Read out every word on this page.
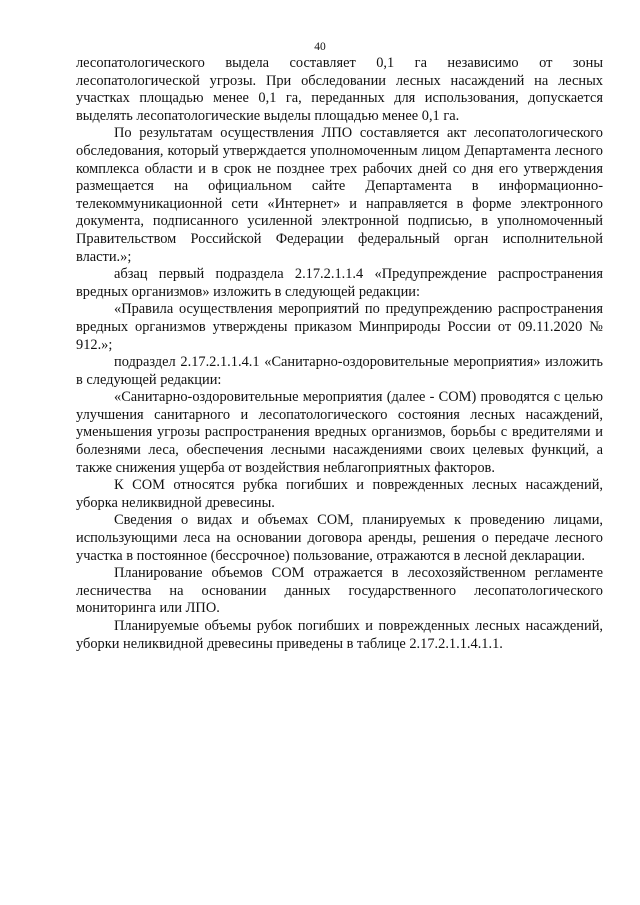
40

лесопатологического выдела составляет 0,1 га независимо от зоны лесопатологической угрозы. При обследовании лесных насаждений на лесных участках площадью менее 0,1 га, переданных для использования, допускается выделять лесопатологические выделы площадью менее 0,1 га.

По результатам осуществления ЛПО составляется акт лесопатологического обследования, который утверждается уполномоченным лицом Департамента лесного комплекса области и в срок не позднее трех рабочих дней со дня его утверждения размещается на официальном сайте Департамента в информационно-телекоммуникационной сети «Интернет» и направляется в форме электронного документа, подписанного усиленной электронной подписью, в уполномоченный Правительством Российской Федерации федеральный орган исполнительной власти.»;

абзац первый подраздела 2.17.2.1.1.4 «Предупреждение распространения вредных организмов» изложить в следующей редакции:

«Правила осуществления мероприятий по предупреждению распространения вредных организмов утверждены приказом Минприроды России от 09.11.2020 № 912.»;

подраздел 2.17.2.1.1.4.1 «Санитарно-оздоровительные мероприятия» изложить в следующей редакции:

«Санитарно-оздоровительные мероприятия (далее - СОМ) проводятся с целью улучшения санитарного и лесопатологического состояния лесных насаждений, уменьшения угрозы распространения вредных организмов, борьбы с вредителями и болезнями леса, обеспечения лесными насаждениями своих целевых функций, а также снижения ущерба от воздействия неблагоприятных факторов.

К СОМ относятся рубка погибших и поврежденных лесных насаждений, уборка неликвидной древесины.

Сведения о видах и объемах СОМ, планируемых к проведению лицами, использующими леса на основании договора аренды, решения о передаче лесного участка в постоянное (бессрочное) пользование, отражаются в лесной декларации.

Планирование объемов СОМ отражается в лесохозяйственном регламенте лесничества на основании данных государственного лесопатологического мониторинга или ЛПО.

Планируемые объемы рубок погибших и поврежденных лесных насаждений, уборки неликвидной древесины приведены в таблице 2.17.2.1.1.4.1.1.
